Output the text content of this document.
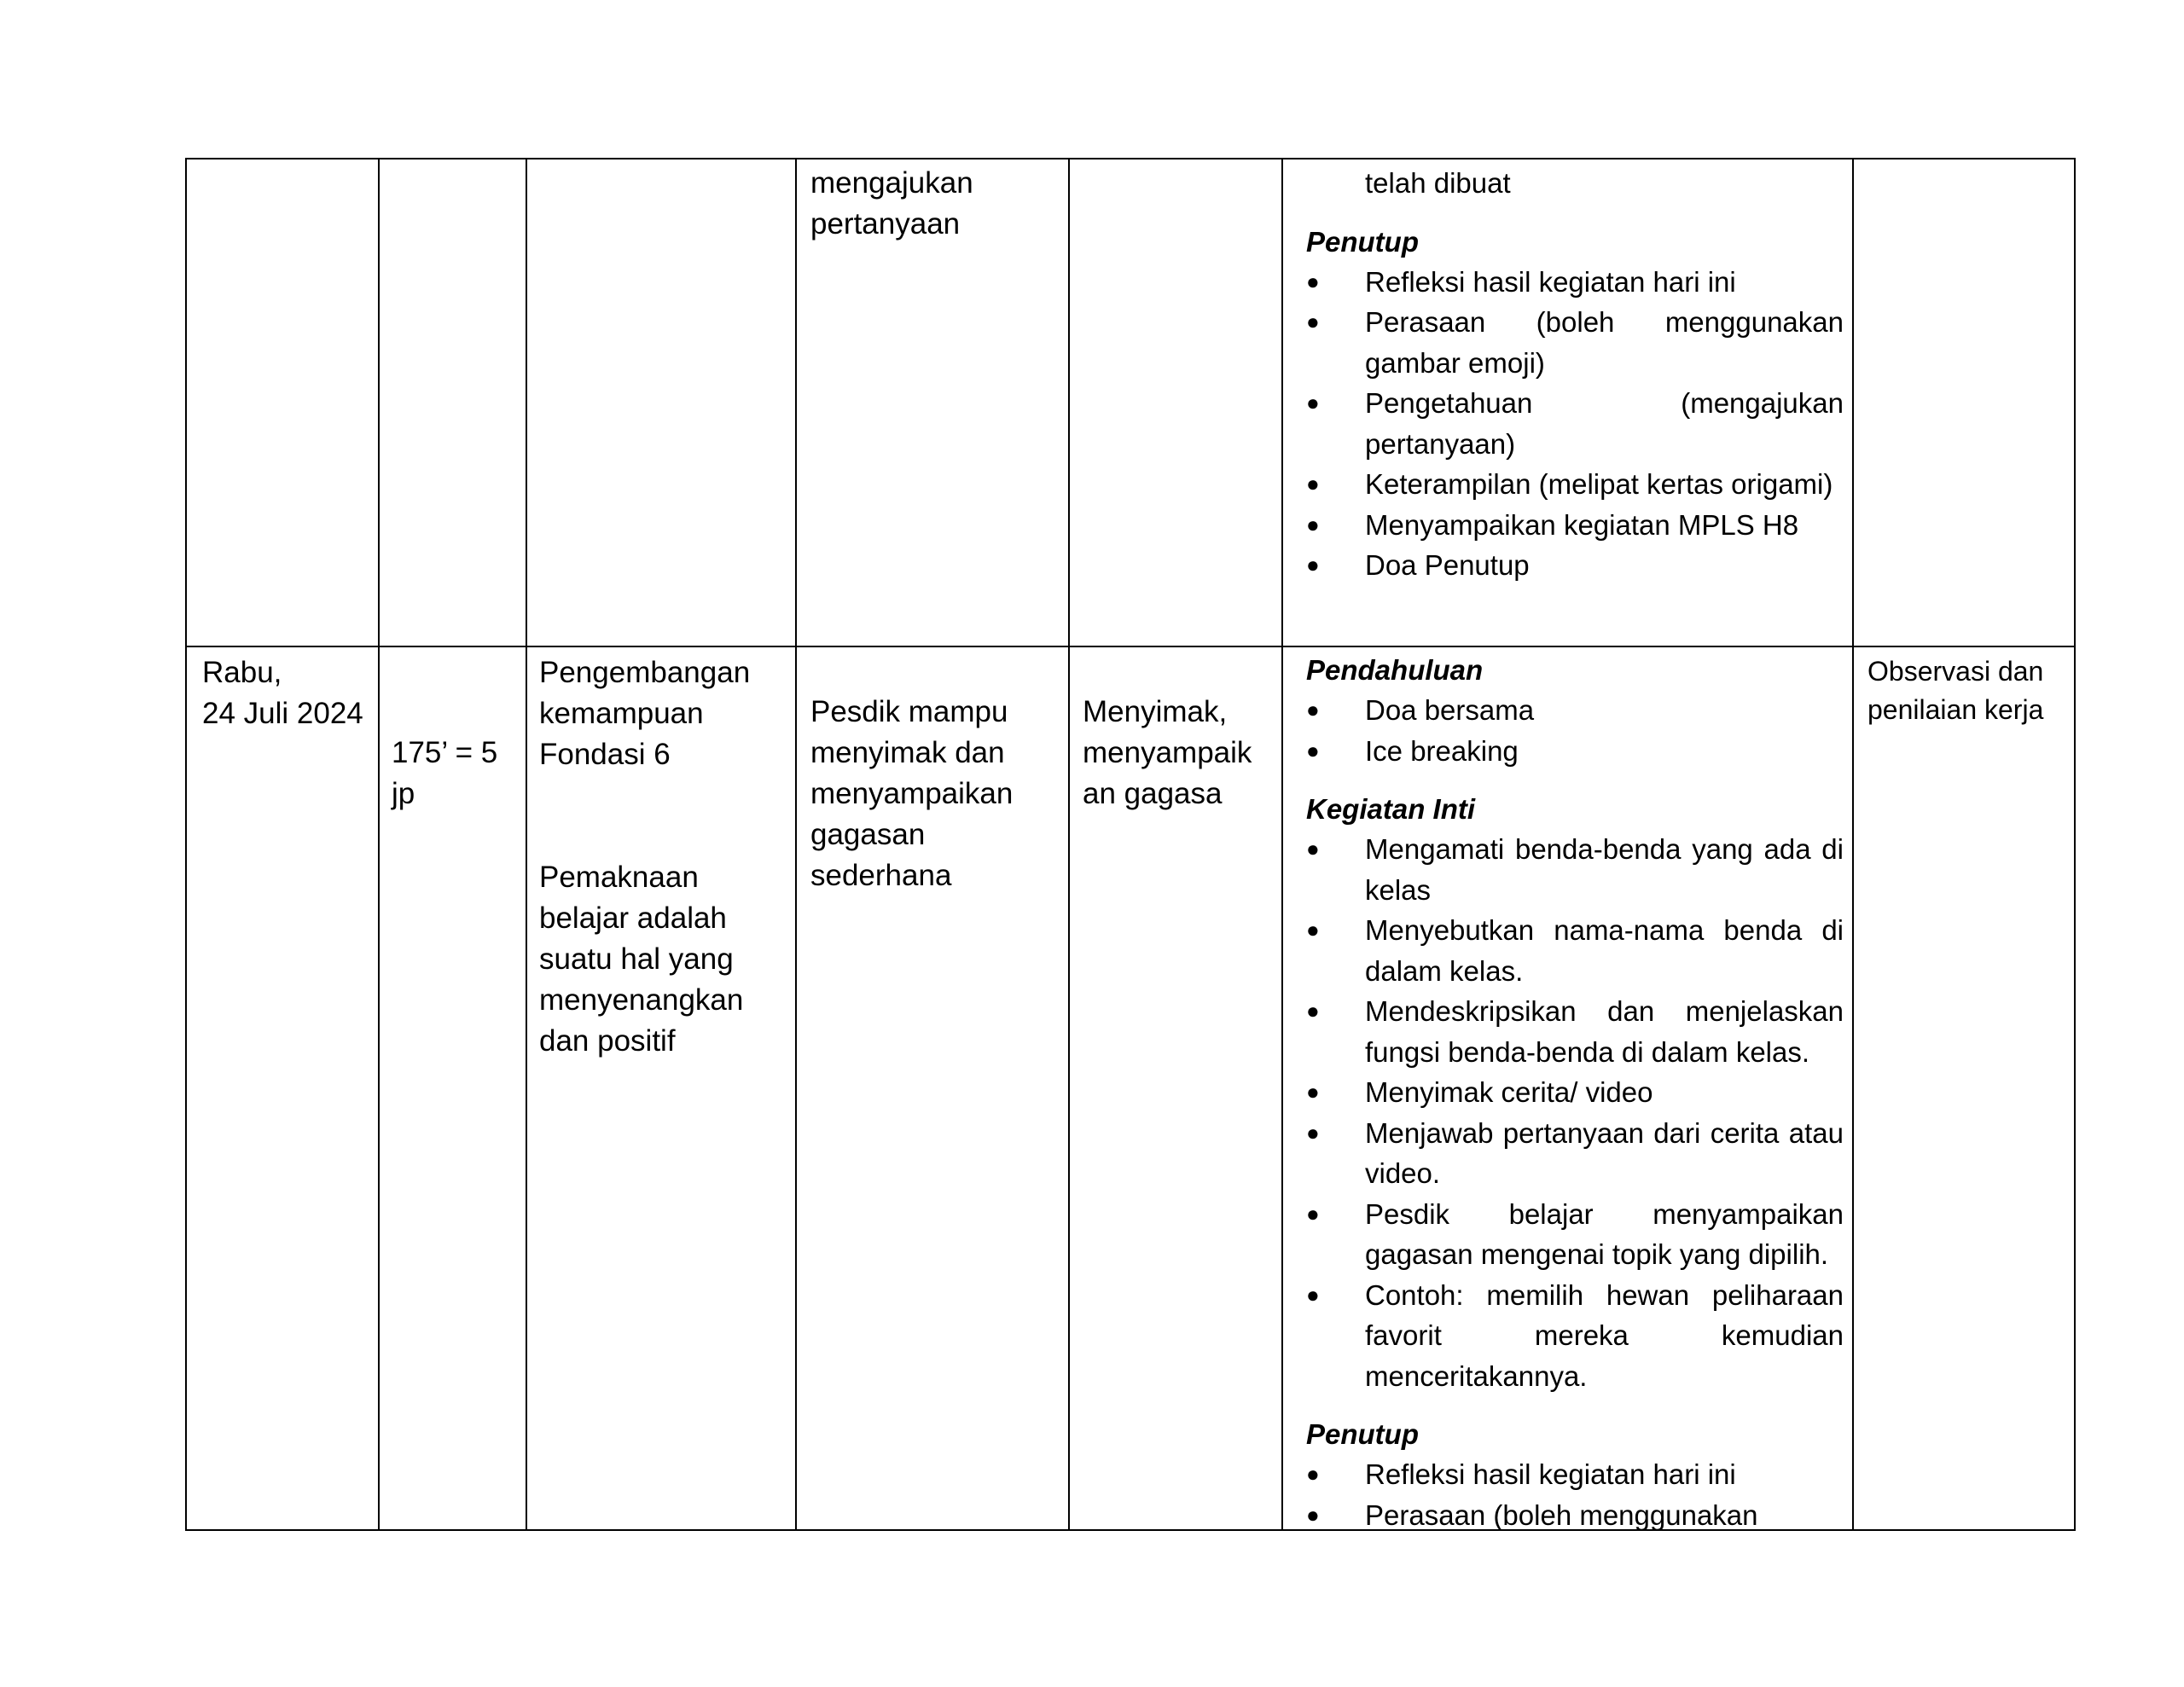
mengajukan
pertanyaan
telah dibuat
Penutup
● Refleksi hasil kegiatan hari ini
● Perasaan (boleh menggunakan gambar emoji)
● Pengetahuan (mengajukan pertanyaan)
● Keterampilan (melipat kertas origami)
● Menyampaikan kegiatan MPLS H8
● Doa Penutup
Rabu,
24 Juli 2024
175’ = 5
jp
Pengembangan
kemampuan
Fondasi 6
Pemaknaan
belajar adalah
suatu hal yang
menyenangkan
dan positif
Pesdik mampu
menyimak dan
menyampaikan
gagasan
sederhana
Menyimak,
menyampaik
an gagasa
Pendahuluan
● Doa bersama
● Ice breaking
Kegiatan Inti
● Mengamati benda-benda yang ada di kelas
● Menyebutkan nama-nama benda di dalam kelas.
● Mendeskripsikan dan menjelaskan fungsi benda-benda di dalam kelas.
● Menyimak cerita/ video
● Menjawab pertanyaan dari cerita atau video.
● Pesdik belajar menyampaikan gagasan mengenai topik yang dipilih.
● Contoh: memilih hewan peliharaan favorit mereka kemudian menceritakannya.
Penutup
● Refleksi hasil kegiatan hari ini
● Perasaan (boleh menggunakan
Observasi dan
penilaian kerja
